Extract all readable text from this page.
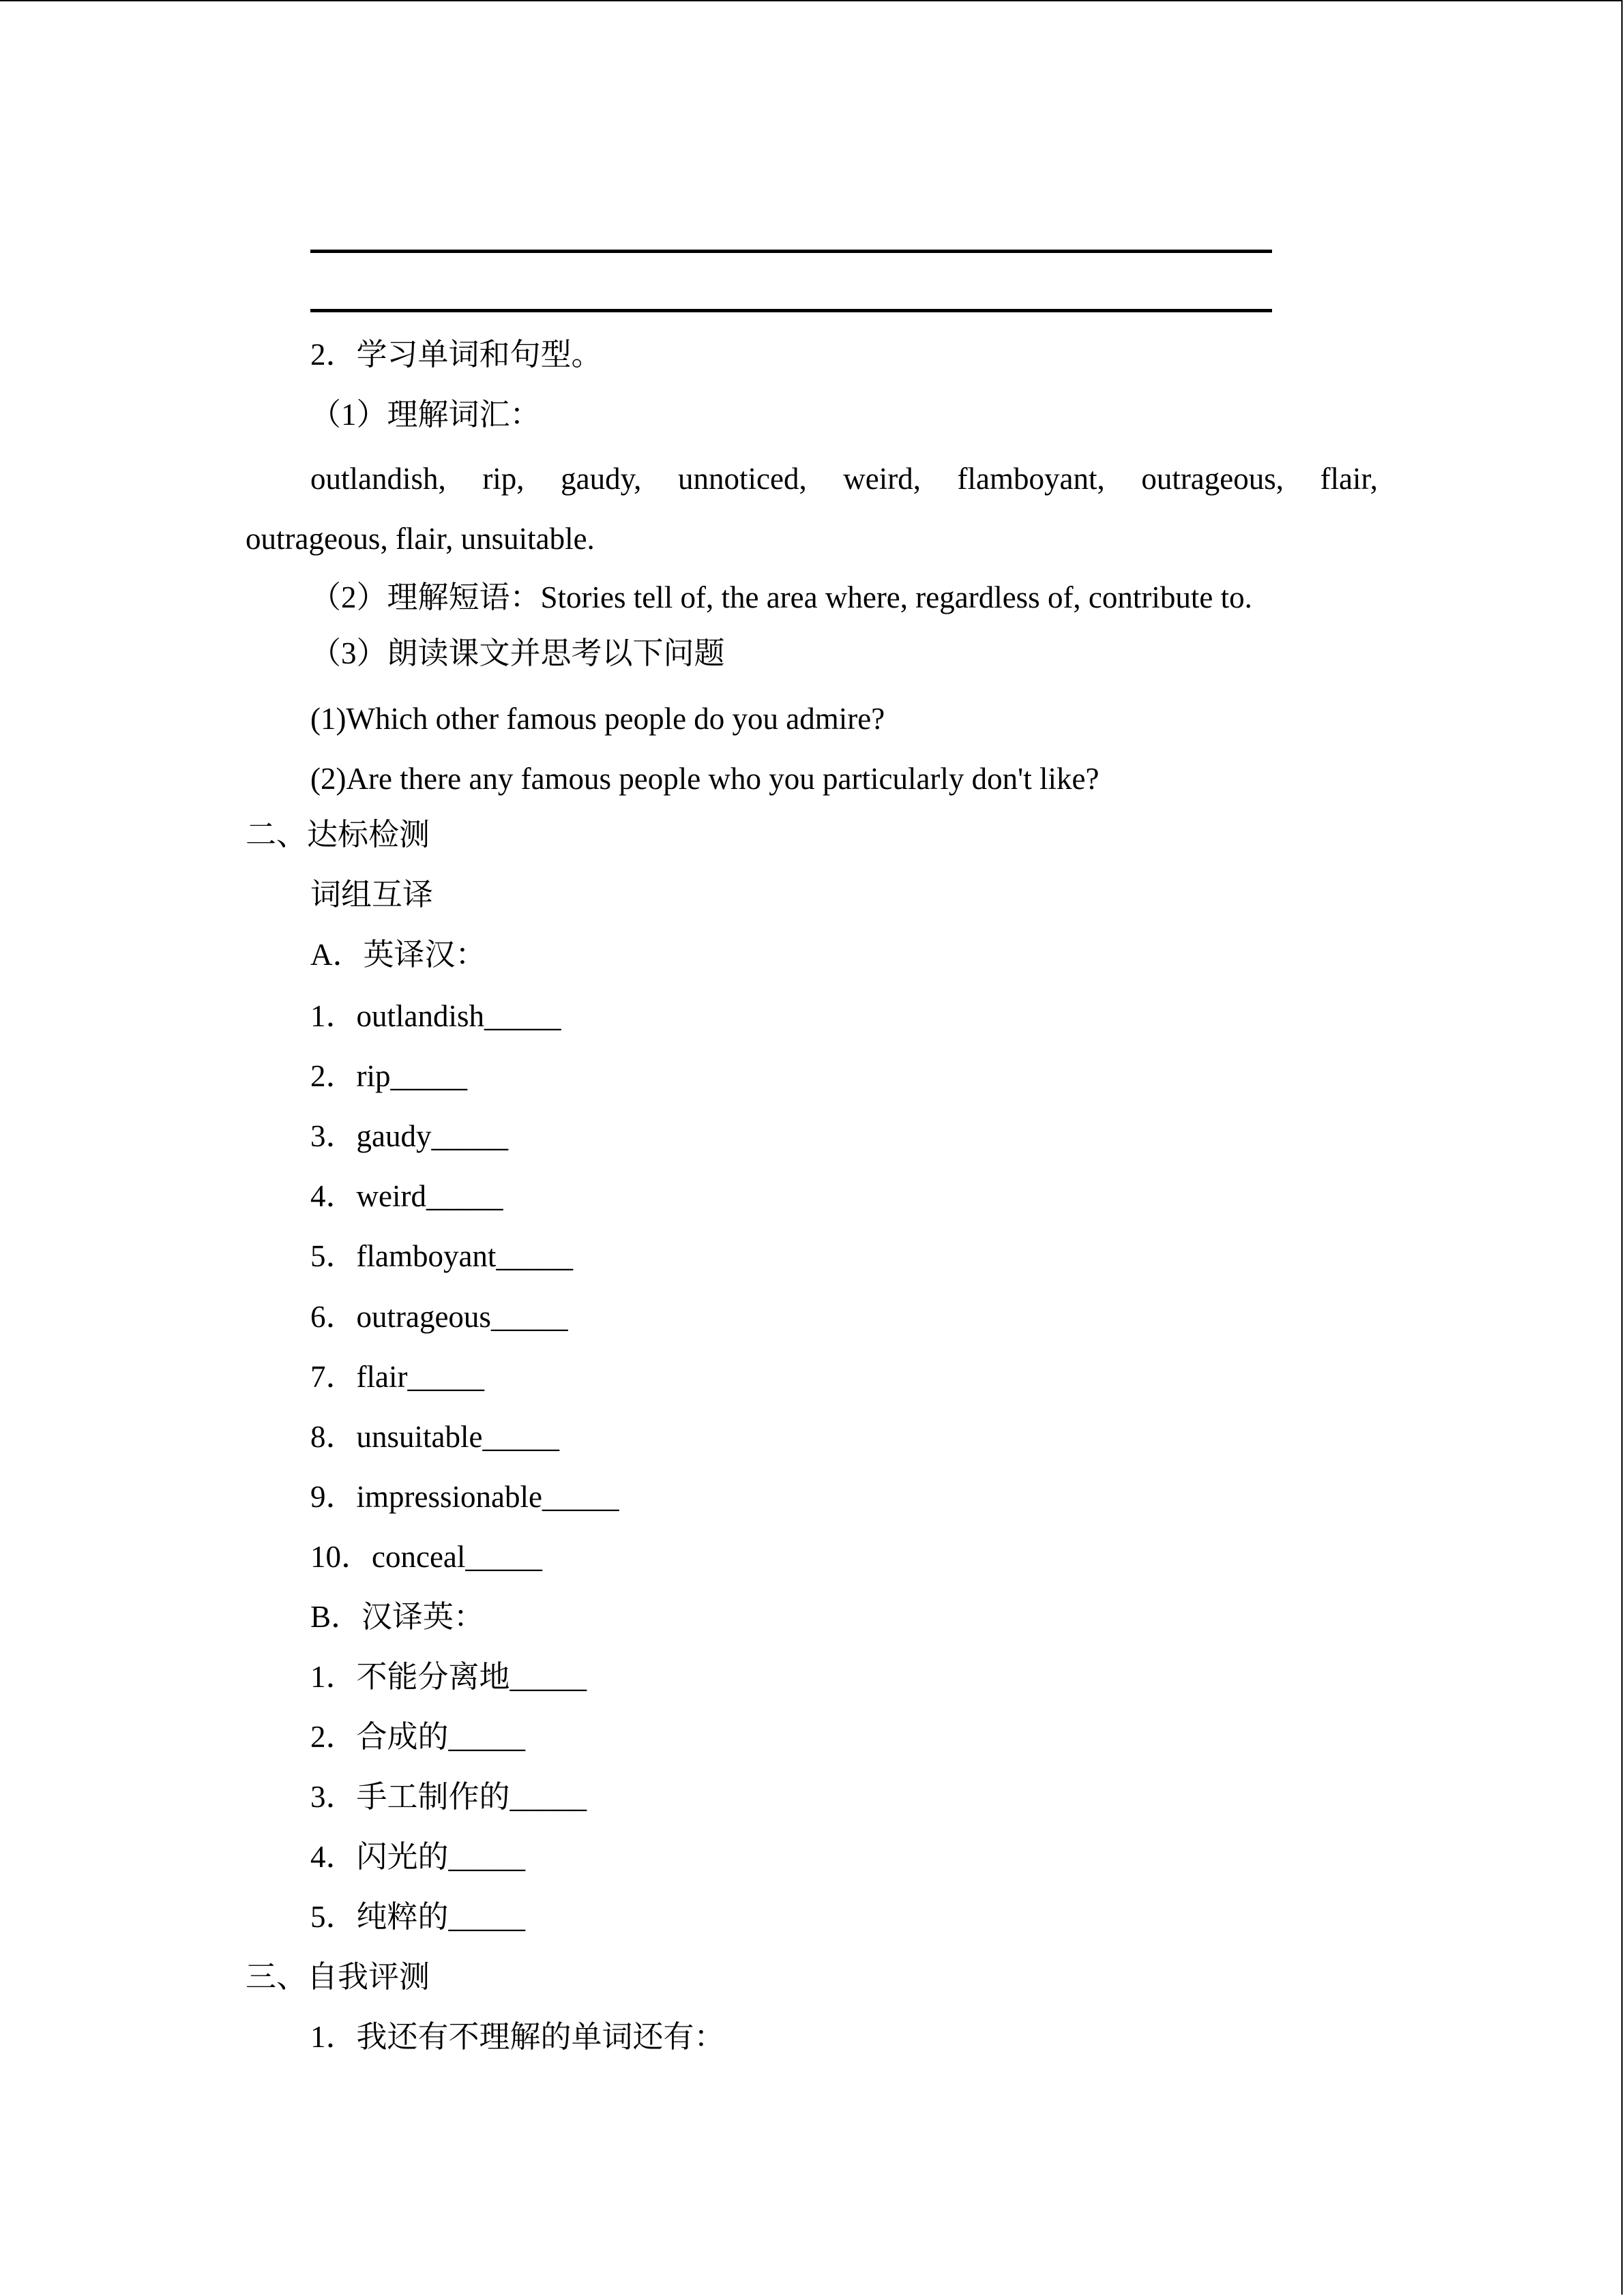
2．学习单词和句型。
（1）理解词汇：
outlandish, rip, gaudy, unnoticed, weird, flamboyant, outrageous, flair,
outrageous, flair, unsuitable.
（2）理解短语：Stories tell of, the area where, regardless of, contribute to.
（3）朗读课文并思考以下问题
(1)Which other famous people do you admire?
(2)Are there any famous people who you particularly don't like?
二、达标检测
词组互译
A．英译汉：
1．outlandish_____
2．rip_____
3．gaudy_____
4．weird_____
5．flamboyant_____
6．outrageous_____
7．flair_____
8．unsuitable_____
9．impressionable_____
10．conceal_____
B．汉译英：
1．不能分离地_____
2．合成的_____
3．手工制作的_____
4．闪光的_____
5．纯粹的_____
三、自我评测
1．我还有不理解的单词还有：
